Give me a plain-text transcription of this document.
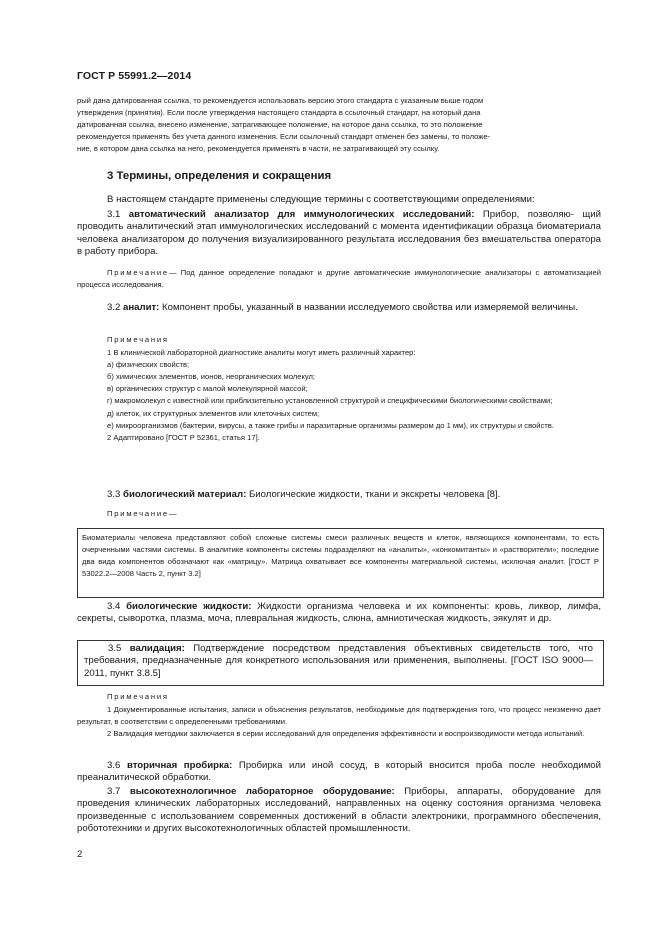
ГОСТ Р 55991.2—2014

рый дана датированная ссылка, то рекомендуется использовать версию этого стандарта с указанным выше годом

утверждения (принятия). Если после утверждения настоящего стандарта в ссылочный стандарт, на который дана

датированная ссылка, внесено изменение, затрагивающее положение, на которое дана ссылка, то это положение

рекомендуется применять без учета данного изменения. Если ссылочный стандарт отменен без замены, то положе-

ние, в котором дана ссылка на него, рекомендуется применять в части, не затрагивающей эту ссылку.

3 Термины, определения и сокращения

В настоящем стандарте применены следующие термины с соответствующими определениями:

3.1 автоматический анализатор для иммунологических исследований: Прибор, позволяю- щий проводить аналитический этап иммунологических исследований с момента идентификации образца биоматериала человека анализатором до получения визуализированного результата исследования без вмешательства оператора в работу прибора.

Примечание— Под данное определение попадают и другие автоматические иммунологические анализаторы с автоматизацией процесса исследования.

3.2 аналит: Компонент пробы, указанный в названии исследуемого свойства или измеряемой величины.

Примечания

1 В клинической лабораторной диагностике аналиты могут иметь различный характер:

а) физических свойств;

б) химических элементов, ионов, неорганических молекул;

в) органических структур с малой молекулярной массой;

г) макромолекул с известной или приблизительно установленной структурой и специфическими биологическими свойствами;

д) клеток, их структурных элементов или клеточных систем;

е) микроорганизмов (бактерии, вирусы, а также грибы и паразитарные организмы размером до 1 мм), их структуры и свойств.

2 Адаптировано [ГОСТ Р 52361, статья 17].

3.3 биологический материал: Биологические жидкости, ткани и экскреты человека [8].

Примечание—

Биоматериалы человека представляют собой сложные системы смеси различных веществ и клеток, являющихся компонентами, то есть очерченными частями системы. В аналитике компоненты системы подразделяют на «аналиты», «конкомитанты» и «растворители»; последние два вида компонентов обозначают как «матрицу». Матрица охватывает все компоненты материальной системы, исключая аналит. [ГОСТ Р 53022.2—2008 Часть 2, пункт 3.2]

3.4 биологические жидкости: Жидкости организма человека и их компоненты: кровь, ликвор, лимфа, секреты, сыворотка, плазма, моча, плевральная жидкость, слюна, амниотическая жидкость, эякулят и др.

3.5 валидация: Подтверждение посредством представления объективных свидетельств того, что требования, предназначенные для конкретного использования или применения, выполнены. [ГОСТ ISO 9000—2011, пункт 3.8.5]

Примечания

1 Документированные испытания, записи и объяснения результатов, необходимые для подтверждения того, что процесс неизменно дает результат, в соответствии с определенными требованиями.

2 Валидация методики заключается в серии исследований для определения эффективности и воспроизводимости метода испытаний.

3.6 вторичная пробирка: Пробирка или иной сосуд, в который вносится проба после необходимой преаналитической обработки.

3.7 высокотехнологичное лабораторное оборудование: Приборы, аппараты, оборудование для проведения клинических лабораторных исследований, направленных на оценку состояния организма человека произведенные с использованием современных достижений в области электроники, программного обеспечения, робототехники и других высокотехнологичных областей промышленности.

2
